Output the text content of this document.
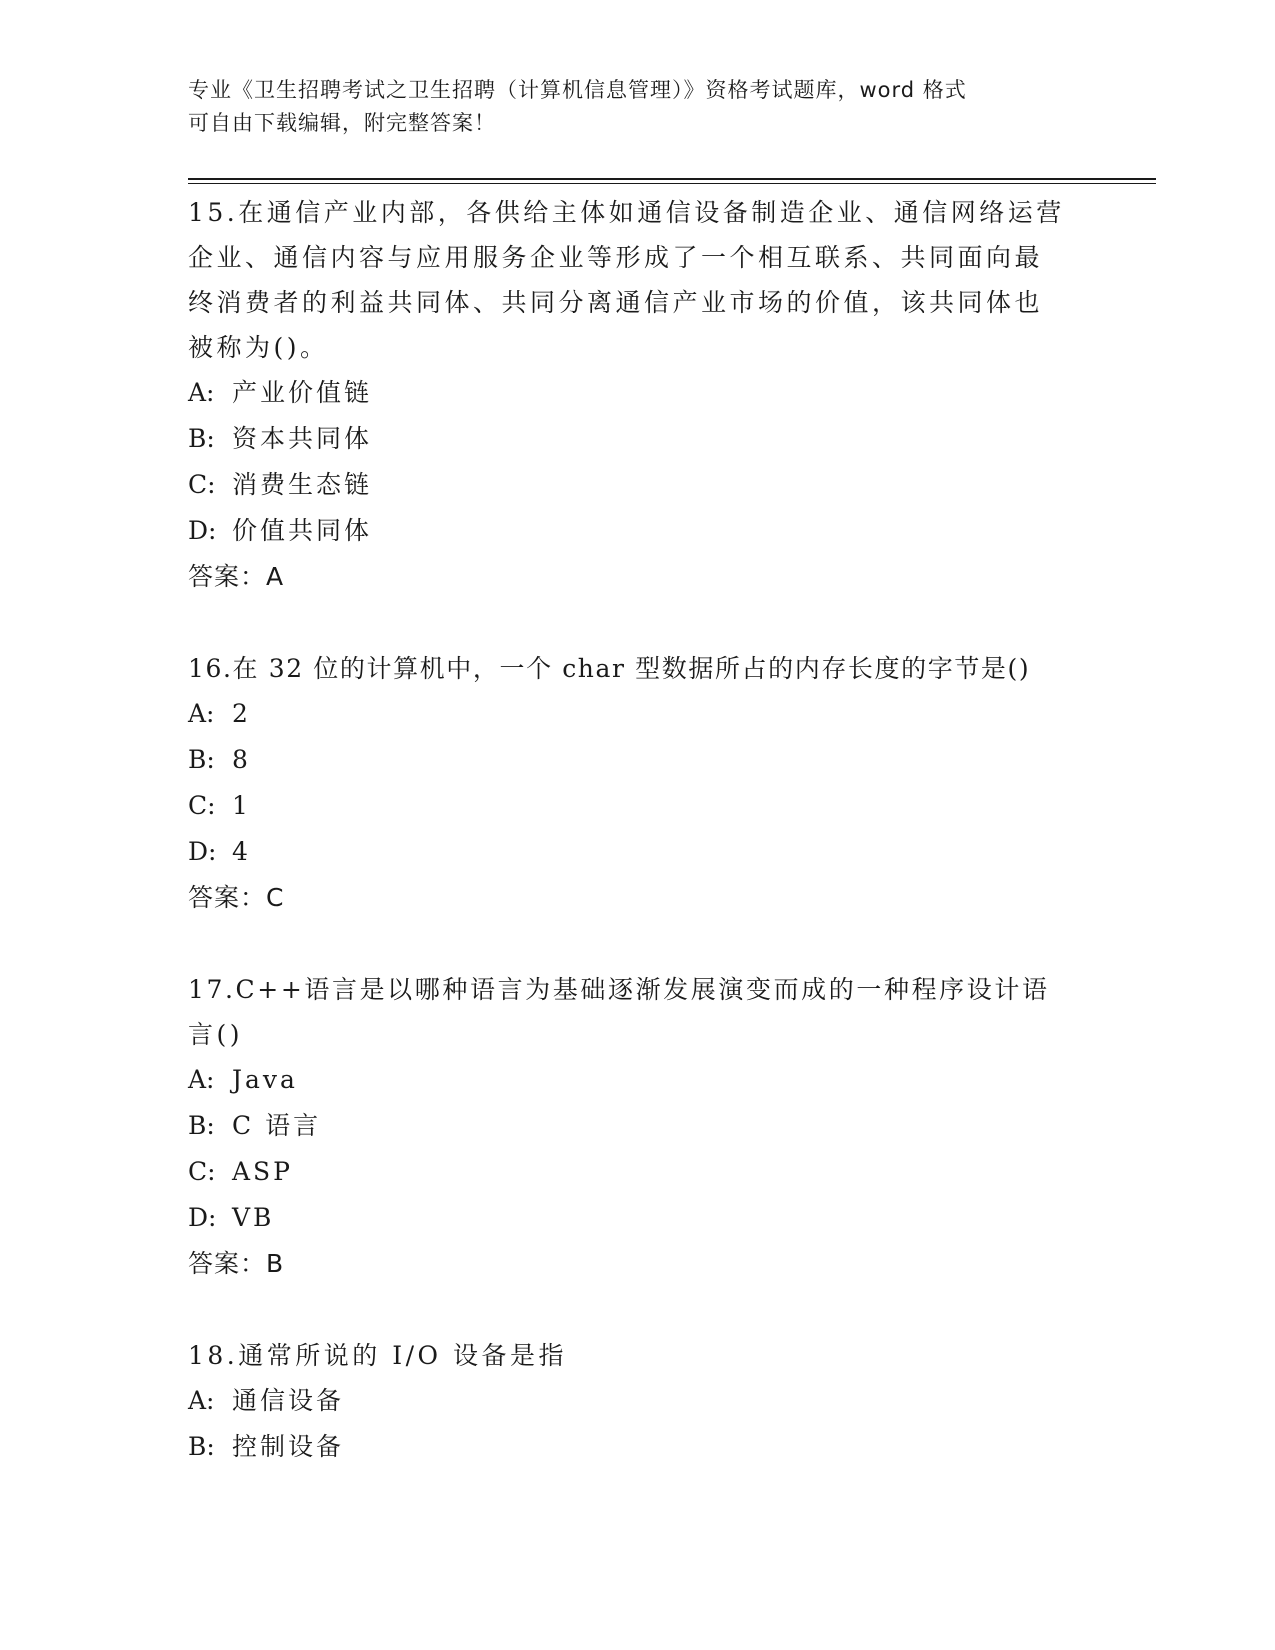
专业《卫生招聘考试之卫生招聘（计算机信息管理）》资格考试题库，word 格式
可自由下载编辑，附完整答案！
15.在通信产业内部，各供给主体如通信设备制造企业、通信网络运营
企业、通信内容与应用服务企业等形成了一个相互联系、共同面向最
终消费者的利益共同体、共同分离通信产业市场的价值，该共同体也
被称为()。
A: 产业价值链
B: 资本共同体
C: 消费生态链
D: 价值共同体
答案：A
16.在 32 位的计算机中，一个 char 型数据所占的内存长度的字节是()
A: 2
B: 8
C: 1
D: 4
答案：C
17.C++语言是以哪种语言为基础逐渐发展演变而成的一种程序设计语
言()
A: Java
B: C 语言
C: ASP
D: VB
答案：B
18.通常所说的 I/O 设备是指
A: 通信设备
B: 控制设备
